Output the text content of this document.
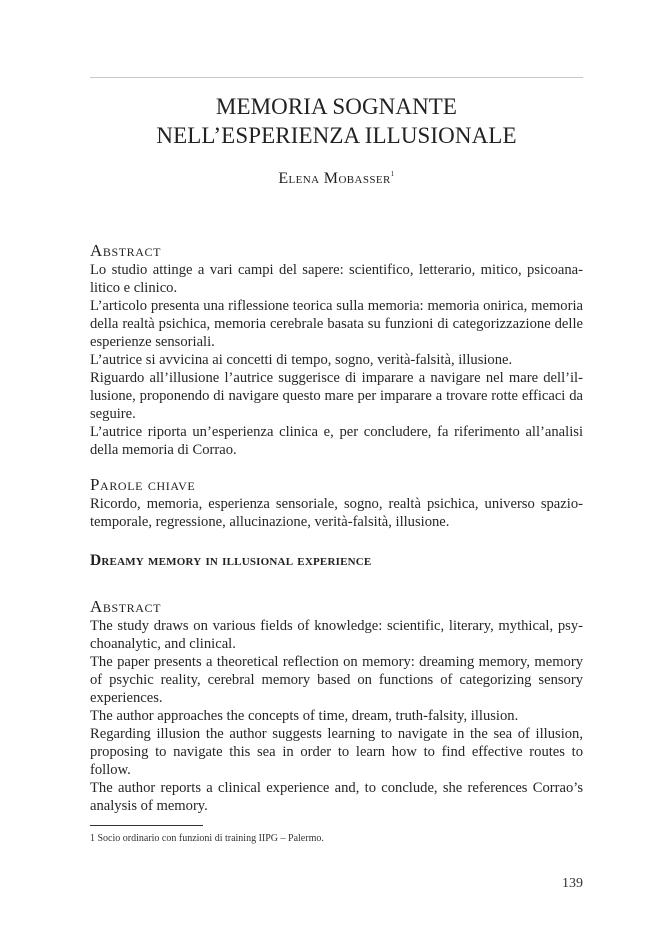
MEMORIA SOGNANTE
NELL’ESPERIENZA ILLUSIONALE
Elena Mobasser$^1$
Abstract

Lo studio attinge a vari campi del sapere: scientifico, letterario, mitico, psicoanalitico e clinico.

L’articolo presenta una riflessione teorica sulla memoria: memoria onirica, memoria della realtà psichica, memoria cerebrale basata su funzioni di categorizzazione delle esperienze sensoriali.

L’autrice si avvicina ai concetti di tempo, sogno, verità-falsità, illusione.

Riguardo all’illusione l’autrice suggerisce di imparare a navigare nel mare dell’illusione, proponendo di navigare questo mare per imparare a trovare rotte efficaci da seguire.

L’autrice riporta un’esperienza clinica e, per concludere, fa riferimento all’analisi della memoria di Corrao.

Parole chiave
Ricordo, memoria, esperienza sensoriale, sogno, realtà psichica, universo spaziotemporale, regressione, allucinazione, verità-falsità, illusione.
Dreamy memory in illusional experience
Abstract

The study draws on various fields of knowledge: scientific, literary, mythical, psychoanalytic, and clinical.

The paper presents a theoretical reflection on memory: dreaming memory, memory of psychic reality, cerebral memory based on functions of categorizing sensory experiences.

The author approaches the concepts of time, dream, truth-falsity, illusion.

Regarding illusion the author suggests learning to navigate in the sea of illusion, proposing to navigate this sea in order to learn how to find effective routes to follow.

The author reports a clinical experience and, to conclude, she references Corrao’s analysis of memory.

1 Socio ordinario con funzioni di training IIPG – Palermo.
139
